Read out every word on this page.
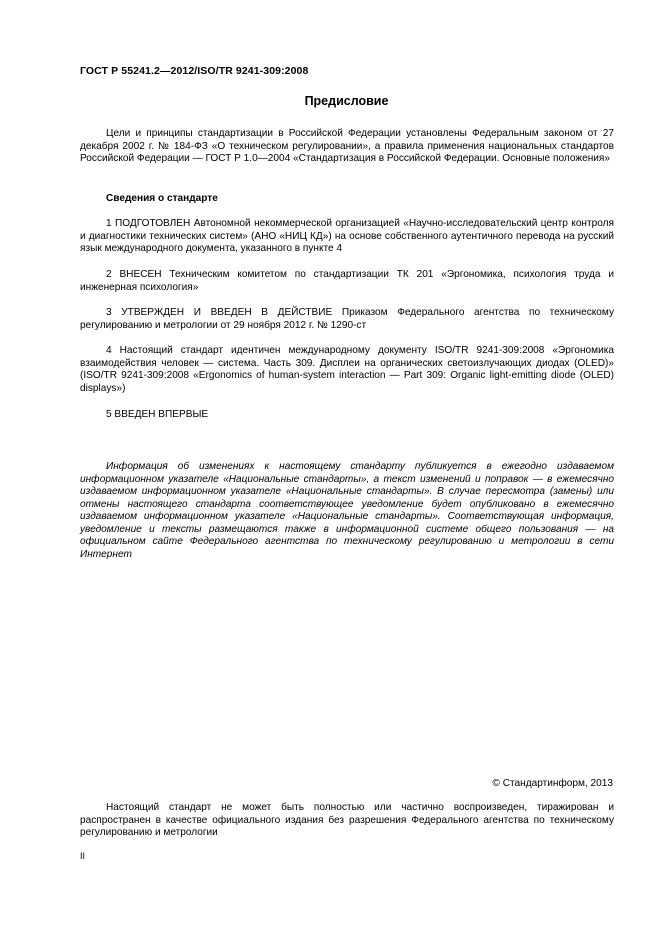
ГОСТ Р 55241.2—2012/ISO/TR 9241-309:2008
Предисловие
Цели и принципы стандартизации в Российской Федерации установлены Федеральным законом от 27 декабря 2002 г. № 184-ФЗ «О техническом регулировании», а правила применения национальных стандартов Российской Федерации — ГОСТ Р 1.0—2004 «Стандартизация в Российской Федерации. Основные положения»
Сведения о стандарте
1 ПОДГОТОВЛЕН Автономной некоммерческой организацией «Научно-исследовательский центр контроля и диагностики технических систем» (АНО «НИЦ КД») на основе собственного аутентичного перевода на русский язык международного документа, указанного в пункте 4
2 ВНЕСЕН Техническим комитетом по стандартизации ТК 201 «Эргономика, психология труда и инженерная психология»
3 УТВЕРЖДЕН И ВВЕДЕН В ДЕЙСТВИЕ Приказом Федерального агентства по техническому регулированию и метрологии от 29 ноября 2012 г. № 1290-ст
4 Настоящий стандарт идентичен международному документу ISO/TR 9241-309:2008 «Эргономика взаимодействия человек — система. Часть 309. Дисплеи на органических светоизлучающих диодах (OLED)» (ISO/TR 9241-309:2008 «Ergonomics of human-system interaction — Part 309: Organic light-emitting diode (OLED) displays»)
5 ВВЕДЕН ВПЕРВЫЕ
Информация об изменениях к настоящему стандарту публикуется в ежегодно издаваемом информационном указателе «Национальные стандарты», а текст изменений и поправок — в ежемесячно издаваемом информационном указателе «Национальные стандарты». В случае пересмотра (замены) или отмены настоящего стандарта соответствующее уведомление будет опубликовано в ежемесячно издаваемом информационном указателе «Национальные стандарты». Соответствующая информация, уведомление и тексты размещаются также в информационной системе общего пользования — на официальном сайте Федерального агентства по техническому регулированию и метрологии в сети Интернет
© Стандартинформ, 2013
Настоящий стандарт не может быть полностью или частично воспроизведен, тиражирован и распространен в качестве официального издания без разрешения Федерального агентства по техническому регулированию и метрологии
II
